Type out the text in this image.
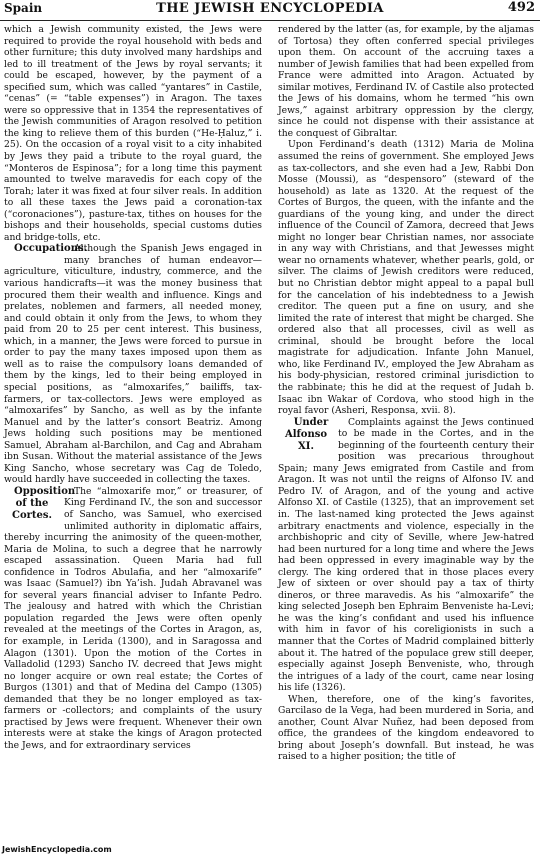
Spain	THE JEWISH ENCYCLOPEDIA	492

which a Jewish community existed, the Jews were required to provide the royal household with beds and other furniture; this duty involved many hardships and led to ill treatment of the Jews by royal servants; it could be escaped, however, by the payment of a specified sum, which was called “yantares” in Castile, “cenas” (= “table expenses”) in Aragon. The taxes were so oppressive that in 1354 the representatives of the Jewish communities of Aragon resolved to petition the king to relieve them of this burden (“He-Ḥaluz,” i. 25). On the occasion of a royal visit to a city inhabited by Jews they paid a tribute to the royal guard, the “Monteros de Espinosa”; for a long time this payment amounted to twelve maravedis for each copy of the Torah; later it was fixed at four silver reals. In addition to all these taxes the Jews paid a coronation-tax (“coronaciones”), pasture-tax, tithes on houses for the bishops and their households, special customs duties and bridge-tolls, etc.

Occupations.
Although the Spanish Jews engaged in many branches of human endeavor—agriculture, viticulture, industry, commerce, and the various handicrafts—it was the money business that procured them their wealth and influence. Kings and prelates, noblemen and farmers, all needed money, and could obtain it only from the Jews, to whom they paid from 20 to 25 per cent interest. This business, which, in a manner, the Jews were forced to pursue in order to pay the many taxes imposed upon them as well as to raise the compulsory loans demanded of them by the kings, led to their being employed in special positions, as “almoxarifes,” bailiffs, tax-farmers, or tax-collectors. Jews were employed as “almoxarifes” by Sancho, as well as by the infante Manuel and by the latter’s consort Beatriz. Among Jews holding such positions may be mentioned Samuel, Abraham al-Barchilon, and Cag and Abraham ibn Susan. Without the material assistance of the Jews King Sancho, whose secretary was Cag de Toledo, would hardly have succeeded in collecting the taxes.

Opposition of the Cortes.
The “almoxarife mor,” or treasurer, of King Ferdinand IV., the son and successor of Sancho, was Samuel, who exercised unlimited authority in diplomatic affairs, thereby incurring the animosity of the queen-mother, Maria de Molina, to such a degree that he narrowly escaped assassination. Queen Maria had full confidence in Todros Abulafia, and her “almoxarife” was Isaac (Samuel?) ibn Ya’ish. Judah Abravanel was for several years financial adviser to Infante Pedro. The jealousy and hatred with which the Christian population regarded the Jews were often openly revealed at the meetings of the Cortes in Aragon, as, for example, in Lerida (1300), and in Saragossa and Alagon (1301). Upon the motion of the Cortes in Valladolid (1293) Sancho IV. decreed that Jews might no longer acquire or own real estate; the Cortes of Burgos (1301) and that of Medina del Campo (1305) demanded that they be no longer employed as tax-farmers or -collectors; and complaints of the usury practised by Jews were frequent. Whenever their own interests were at stake the kings of Aragon protected the Jews, and for extraordinary services

rendered by the latter (as, for example, by the aljamas of Tortosa) they often conferred special privileges upon them. On account of the accruing taxes a number of Jewish families that had been expelled from France were admitted into Aragon. Actuated by similar motives, Ferdinand IV. of Castile also protected the Jews of his domains, whom he termed “his own Jews,” against arbitrary oppression by the clergy, since he could not dispense with their assistance at the conquest of Gibraltar.

Upon Ferdinand’s death (1312) Maria de Molina assumed the reins of government. She employed Jews as tax-collectors, and she even had a Jew, Rabbi Don Mosse (Moussi), as “despensoro” (steward of the household) as late as 1320. At the request of the Cortes of Burgos, the queen, with the infante and the guardians of the young king, and under the direct influence of the Council of Zamora, decreed that Jews might no longer bear Christian names, nor associate in any way with Christians, and that Jewesses might wear no ornaments whatever, whether pearls, gold, or silver. The claims of Jewish creditors were reduced, but no Christian debtor might appeal to a papal bull for the cancelation of his indebtedness to a Jewish creditor. The queen put a fine on usury, and she limited the rate of interest that might be charged. She ordered also that all processes, civil as well as criminal, should be brought before the local magistrate for adjudication. Infante John Manuel, who, like Ferdinand IV., employed the Jew Abraham as his body-physician, restored criminal jurisdiction to the rabbinate; this he did at the request of Judah b. Isaac ibn Wakar of Cordova, who stood high in the royal favor (Asheri, Responsa, xvii. 8).

Under Alfonso XI.
Complaints against the Jews continued to be made in the Cortes, and in the beginning of the fourteenth century their position was precarious throughout Spain; many Jews emigrated from Castile and from Aragon. It was not until the reigns of Alfonso IV. and Pedro IV. of Aragon, and of the young and active Alfonso XI. of Castile (1325), that an improvement set in. The last-named king protected the Jews against arbitrary enactments and violence, especially in the archbishopric and city of Seville, where Jew-hatred had been nurtured for a long time and where the Jews had been oppressed in every imaginable way by the clergy. The king ordered that in those places every Jew of sixteen or over should pay a tax of thirty dineros, or three maravedis. As his “almoxarife” the king selected Joseph ben Ephraim Benveniste ha-Levi; he was the king’s confidant and used his influence with him in favor of his coreligionists in such a manner that the Cortes of Madrid complained bitterly about it. The hatred of the populace grew still deeper, especially against Joseph Benveniste, who, through the intrigues of a lady of the court, came near losing his life (1326).

When, therefore, one of the king’s favorites, Garcilaso de la Vega, had been murdered in Soria, and another, Count Alvar Nuñez, had been deposed from office, the grandees of the kingdom endeavored to bring about Joseph’s downfall. But instead, he was raised to a higher position; the title of

JewishEncyclopedia.com
